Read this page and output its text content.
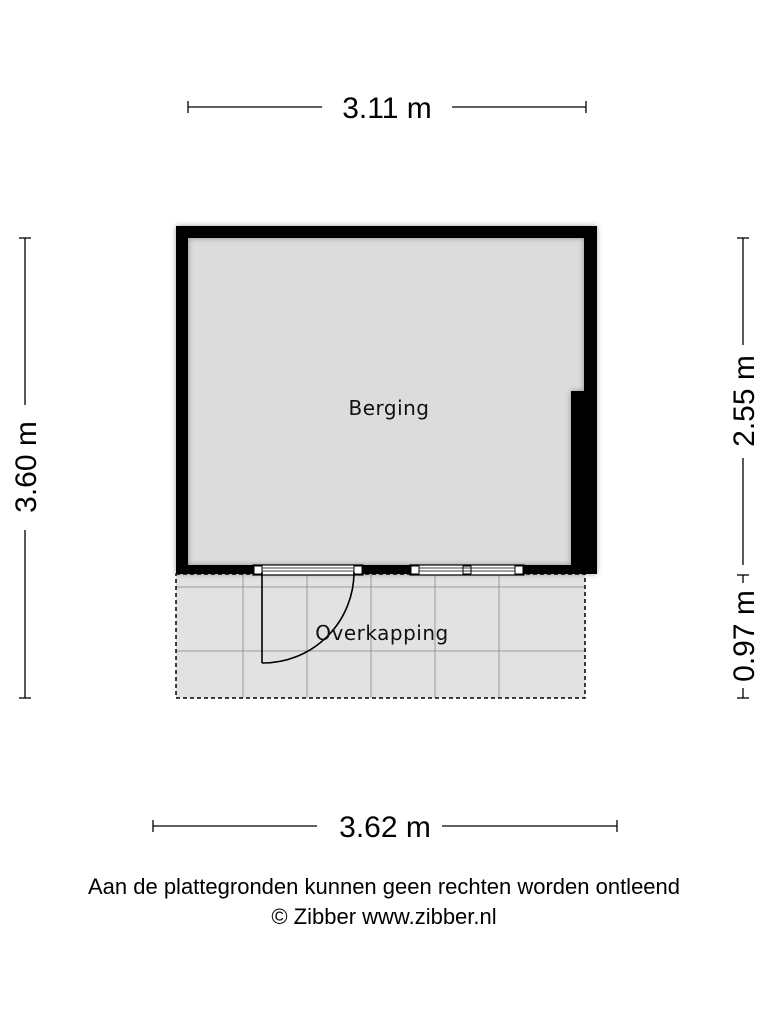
Berging
Overkapping
3.11 m
3.62 m
3.60 m
2.55 m
0.97 m
Aan de plattegronden kunnen geen rechten worden ontleend
© Zibber www.zibber.nl
